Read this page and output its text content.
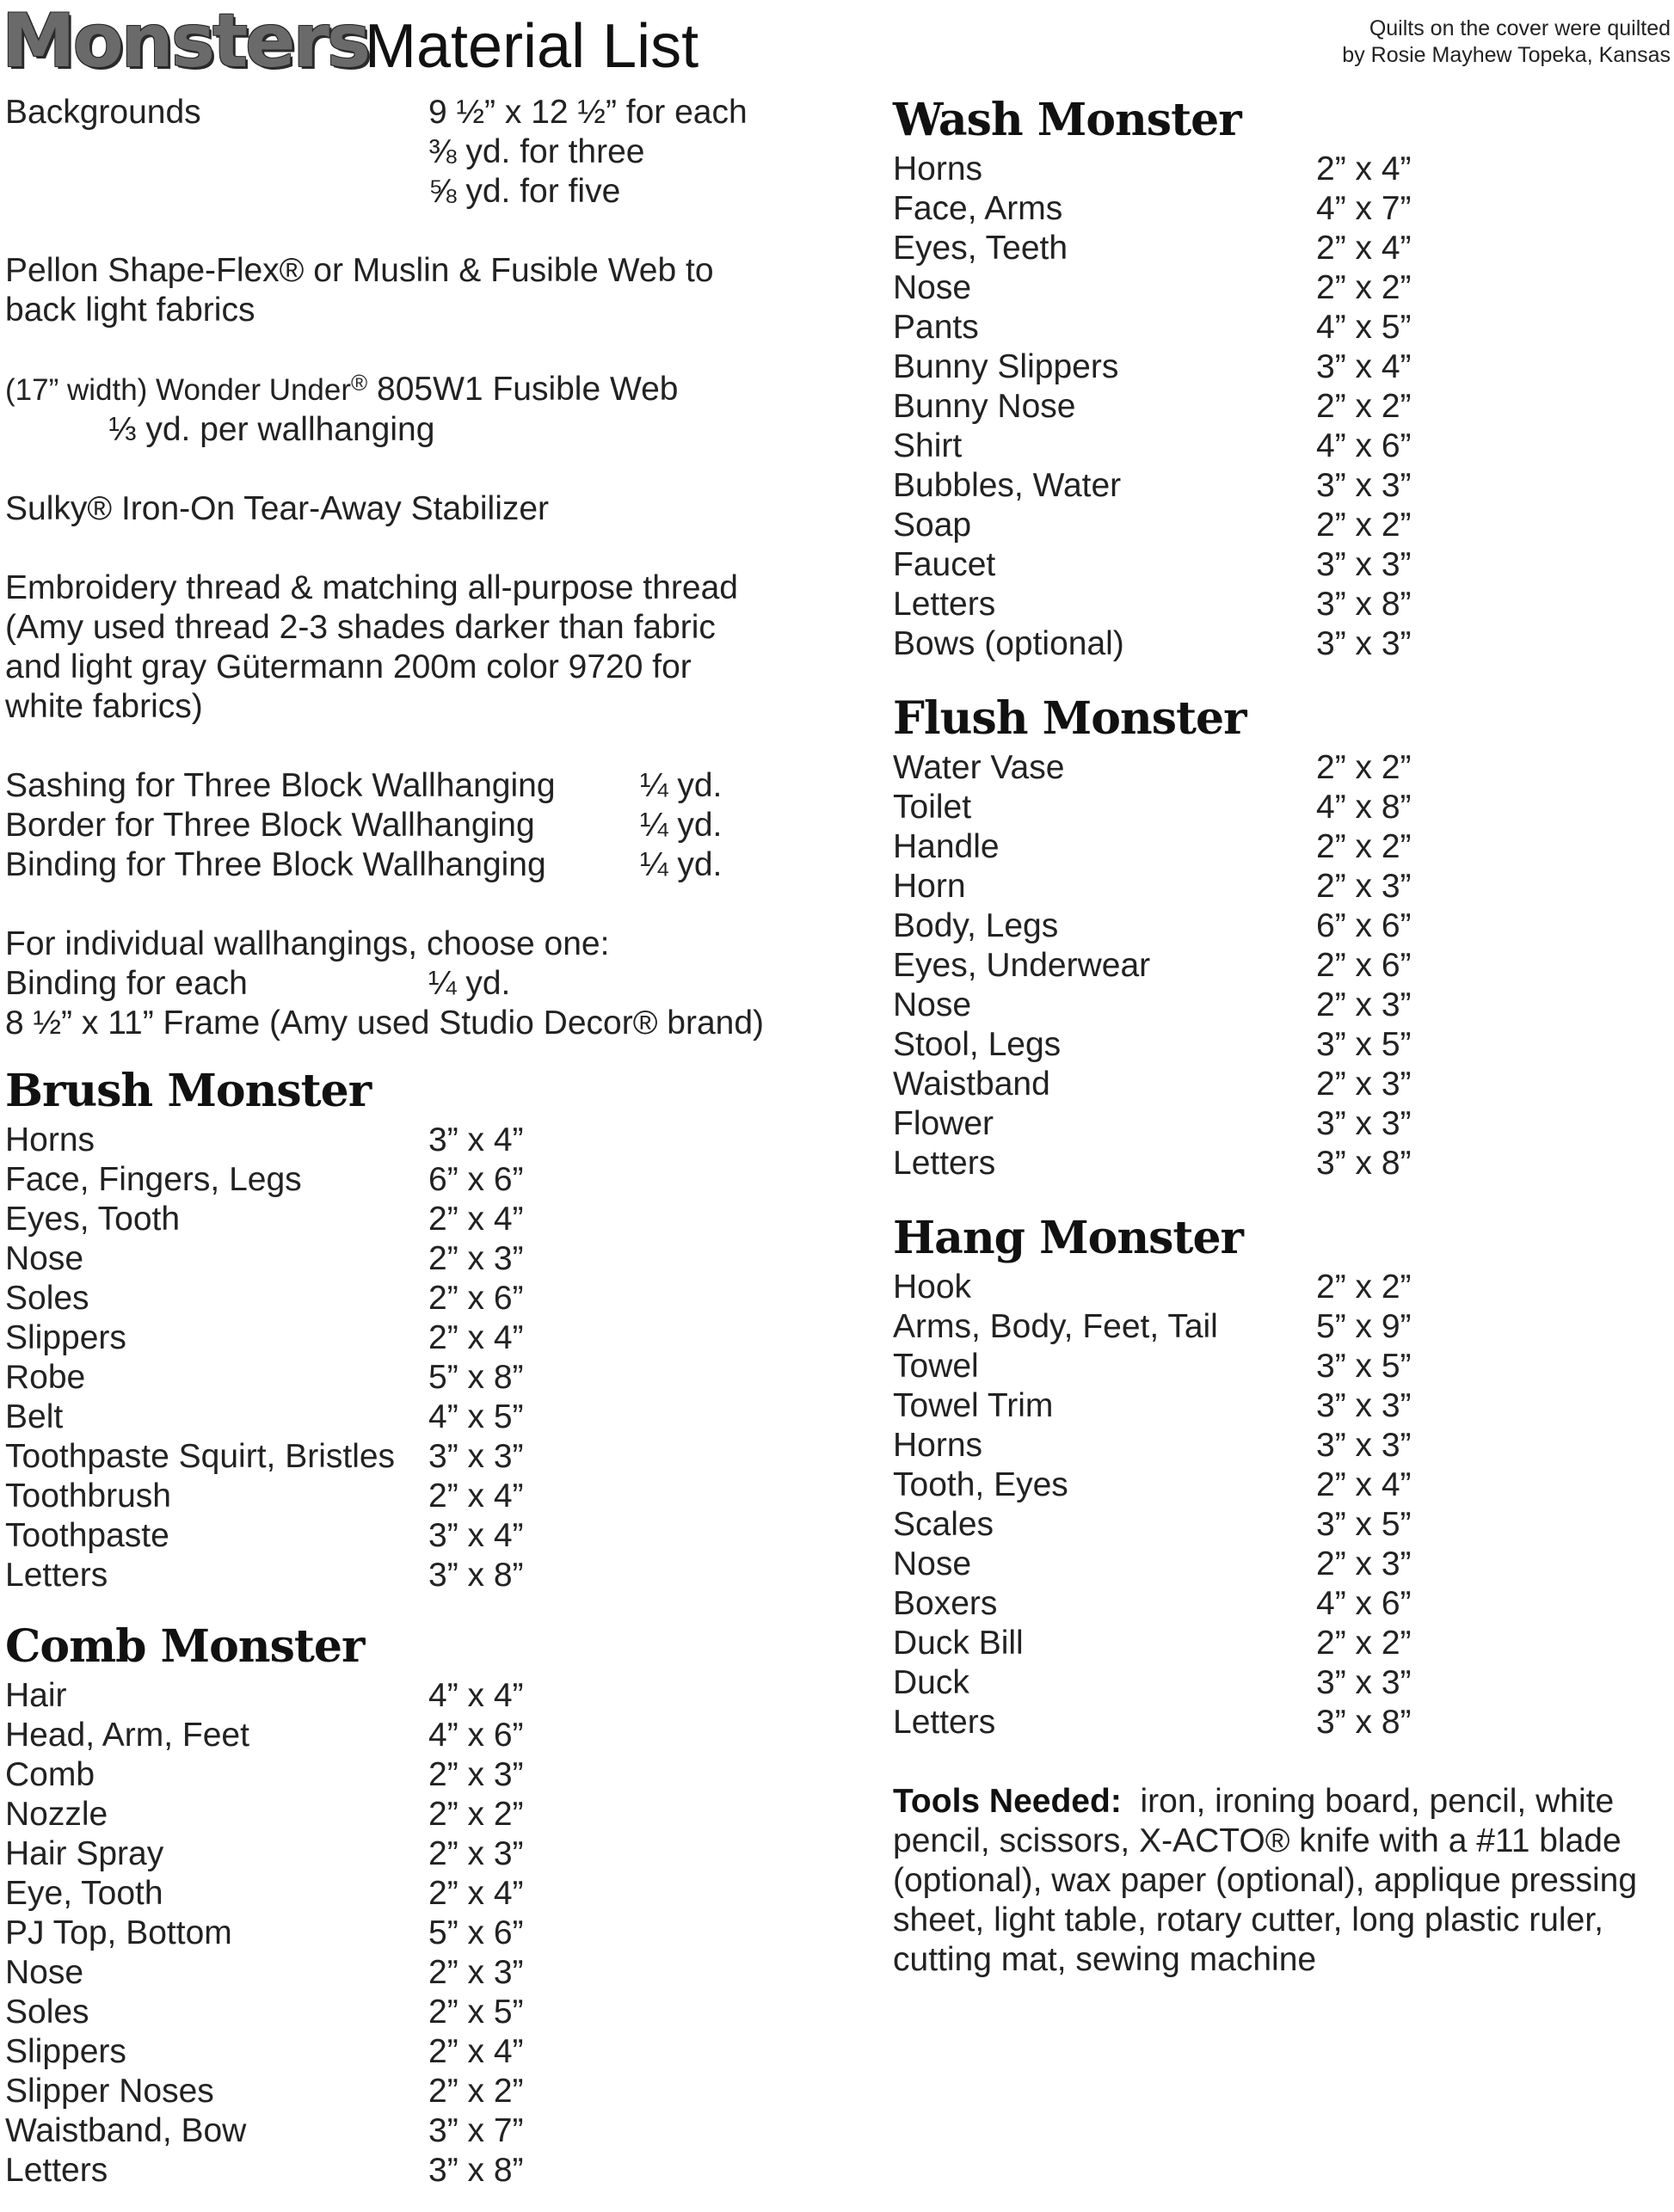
Monsters
Material List	Quilts on the cover were quilted
by Rosie Mayhew Topeka, Kansas
Backgrounds	9 ½” x 12 ½” for each
⅜ yd. for three
⅝ yd. for five
Pellon Shape-Flex® or Muslin & Fusible Web to
back light fabrics
(17” width) Wonder Under® 805W1 Fusible Web
⅓ yd. per wallhanging
Sulky® Iron-On Tear-Away Stabilizer
Embroidery thread & matching all-purpose thread
(Amy used thread 2-3 shades darker than fabric
and light gray Gütermann 200m color 9720 for
white fabrics)
Sashing for Three Block Wallhanging	¼ yd.
Border for Three Block Wallhanging	¼ yd.
Binding for Three Block Wallhanging	¼ yd.
For individual wallhangings, choose one:
Binding for each	¼ yd.
8 ½” x 11” Frame (Amy used Studio Decor® brand)
Brush Monster
Horns	3” x 4”
Face, Fingers, Legs	6” x 6”
Eyes, Tooth	2” x 4”
Nose	2” x 3”
Soles	2” x 6”
Slippers	2” x 4”
Robe	5” x 8”
Belt	4” x 5”
Toothpaste Squirt, Bristles 3” x 3”
Toothbrush	2” x 4”
Toothpaste	3” x 4”
Letters	3” x 8”
Comb Monster
Hair	4” x 4”
Head, Arm, Feet	4” x 6”
Comb	2” x 3”
Nozzle	2” x 2”
Hair Spray	2” x 3”
Eye, Tooth	2” x 4”
PJ Top, Bottom	5” x 6”
Nose	2” x 3”
Soles	2” x 5”
Slippers	2” x 4”
Slipper Noses	2” x 2”
Waistband, Bow	3” x 7”
Letters	3” x 8”
Wash Monster
Horns	2” x 4”
Face, Arms	4” x 7”
Eyes, Teeth	2” x 4”
Nose	2” x 2”
Pants	4” x 5”
Bunny Slippers	3” x 4”
Bunny Nose	2” x 2”
Shirt	4” x 6”
Bubbles, Water	3” x 3”
Soap	2” x 2”
Faucet	3” x 3”
Letters	3” x 8”
Bows (optional)	3” x 3”
Flush Monster
Water Vase	2” x 2”
Toilet	4” x 8”
Handle	2” x 2”
Horn	2” x 3”
Body, Legs	6” x 6”
Eyes, Underwear	2” x 6”
Nose	2” x 3”
Stool, Legs	3” x 5”
Waistband	2” x 3”
Flower	3” x 3”
Letters	3” x 8”
Hang Monster
Hook	2” x 2”
Arms, Body, Feet, Tail	5” x 9”
Towel	3” x 5”
Towel Trim	3” x 3”
Horns	3” x 3”
Tooth, Eyes	2” x 4”
Scales	3” x 5”
Nose	2” x 3”
Boxers	4” x 6”
Duck Bill	2” x 2”
Duck	3” x 3”
Letters	3” x 8”
Tools Needed: iron, ironing board, pencil, white pencil, scissors, X-ACTO® knife with a #11 blade (optional), wax paper (optional), applique pressing sheet, light table, rotary cutter, long plastic ruler, cutting mat, sewing machine
